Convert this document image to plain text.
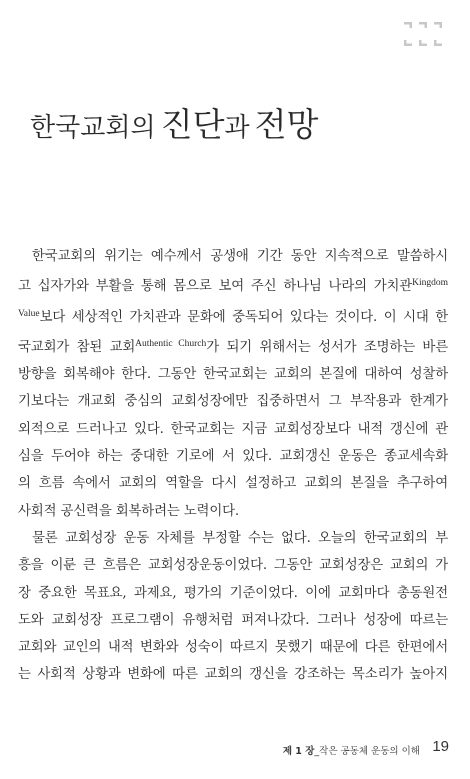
한국교회의 진단과 전망
한국교회의 위기는 예수께서 공생애 기간 동안 지속적으로 말씀하시
고 십자가와 부활을 통해 몸으로 보여 주신 하나님 나라의 가치관$^{Kingdom}$
$^{Value}$보다 세상적인 가치관과 문화에 중독되어 있다는 것이다. 이 시대 한
국교회가 참된 교회$^{Authentic Church}$가 되기 위해서는 성서가 조명하는 바른
방향을 회복해야 한다. 그동안 한국교회는 교회의 본질에 대하여 성찰하
기보다는 개교회 중심의 교회성장에만 집중하면서 그 부작용과 한계가
외적으로 드러나고 있다. 한국교회는 지금 교회성장보다 내적 갱신에 관
심을 두어야 하는 중대한 기로에 서 있다. 교회갱신 운동은 종교세속화
의 흐름 속에서 교회의 역할을 다시 설정하고 교회의 본질을 추구하여
사회적 공신력을 회복하려는 노력이다.
물론 교회성장 운동 자체를 부정할 수는 없다. 오늘의 한국교회의 부
흥을 이룬 큰 흐름은 교회성장운동이었다. 그동안 교회성장은 교회의 가
장 중요한 목표요, 과제요, 평가의 기준이었다. 이에 교회마다 총동원전
도와 교회성장 프로그램이 유행처럼 퍼져나갔다. 그러나 성장에 따르는
교회와 교인의 내적 변화와 성숙이 따르지 못했기 때문에 다른 한편에서
는 사회적 상황과 변화에 따른 교회의 갱신을 강조하는 목소리가 높아지
제 1 장_작은 공동체 운동의 이해 19
